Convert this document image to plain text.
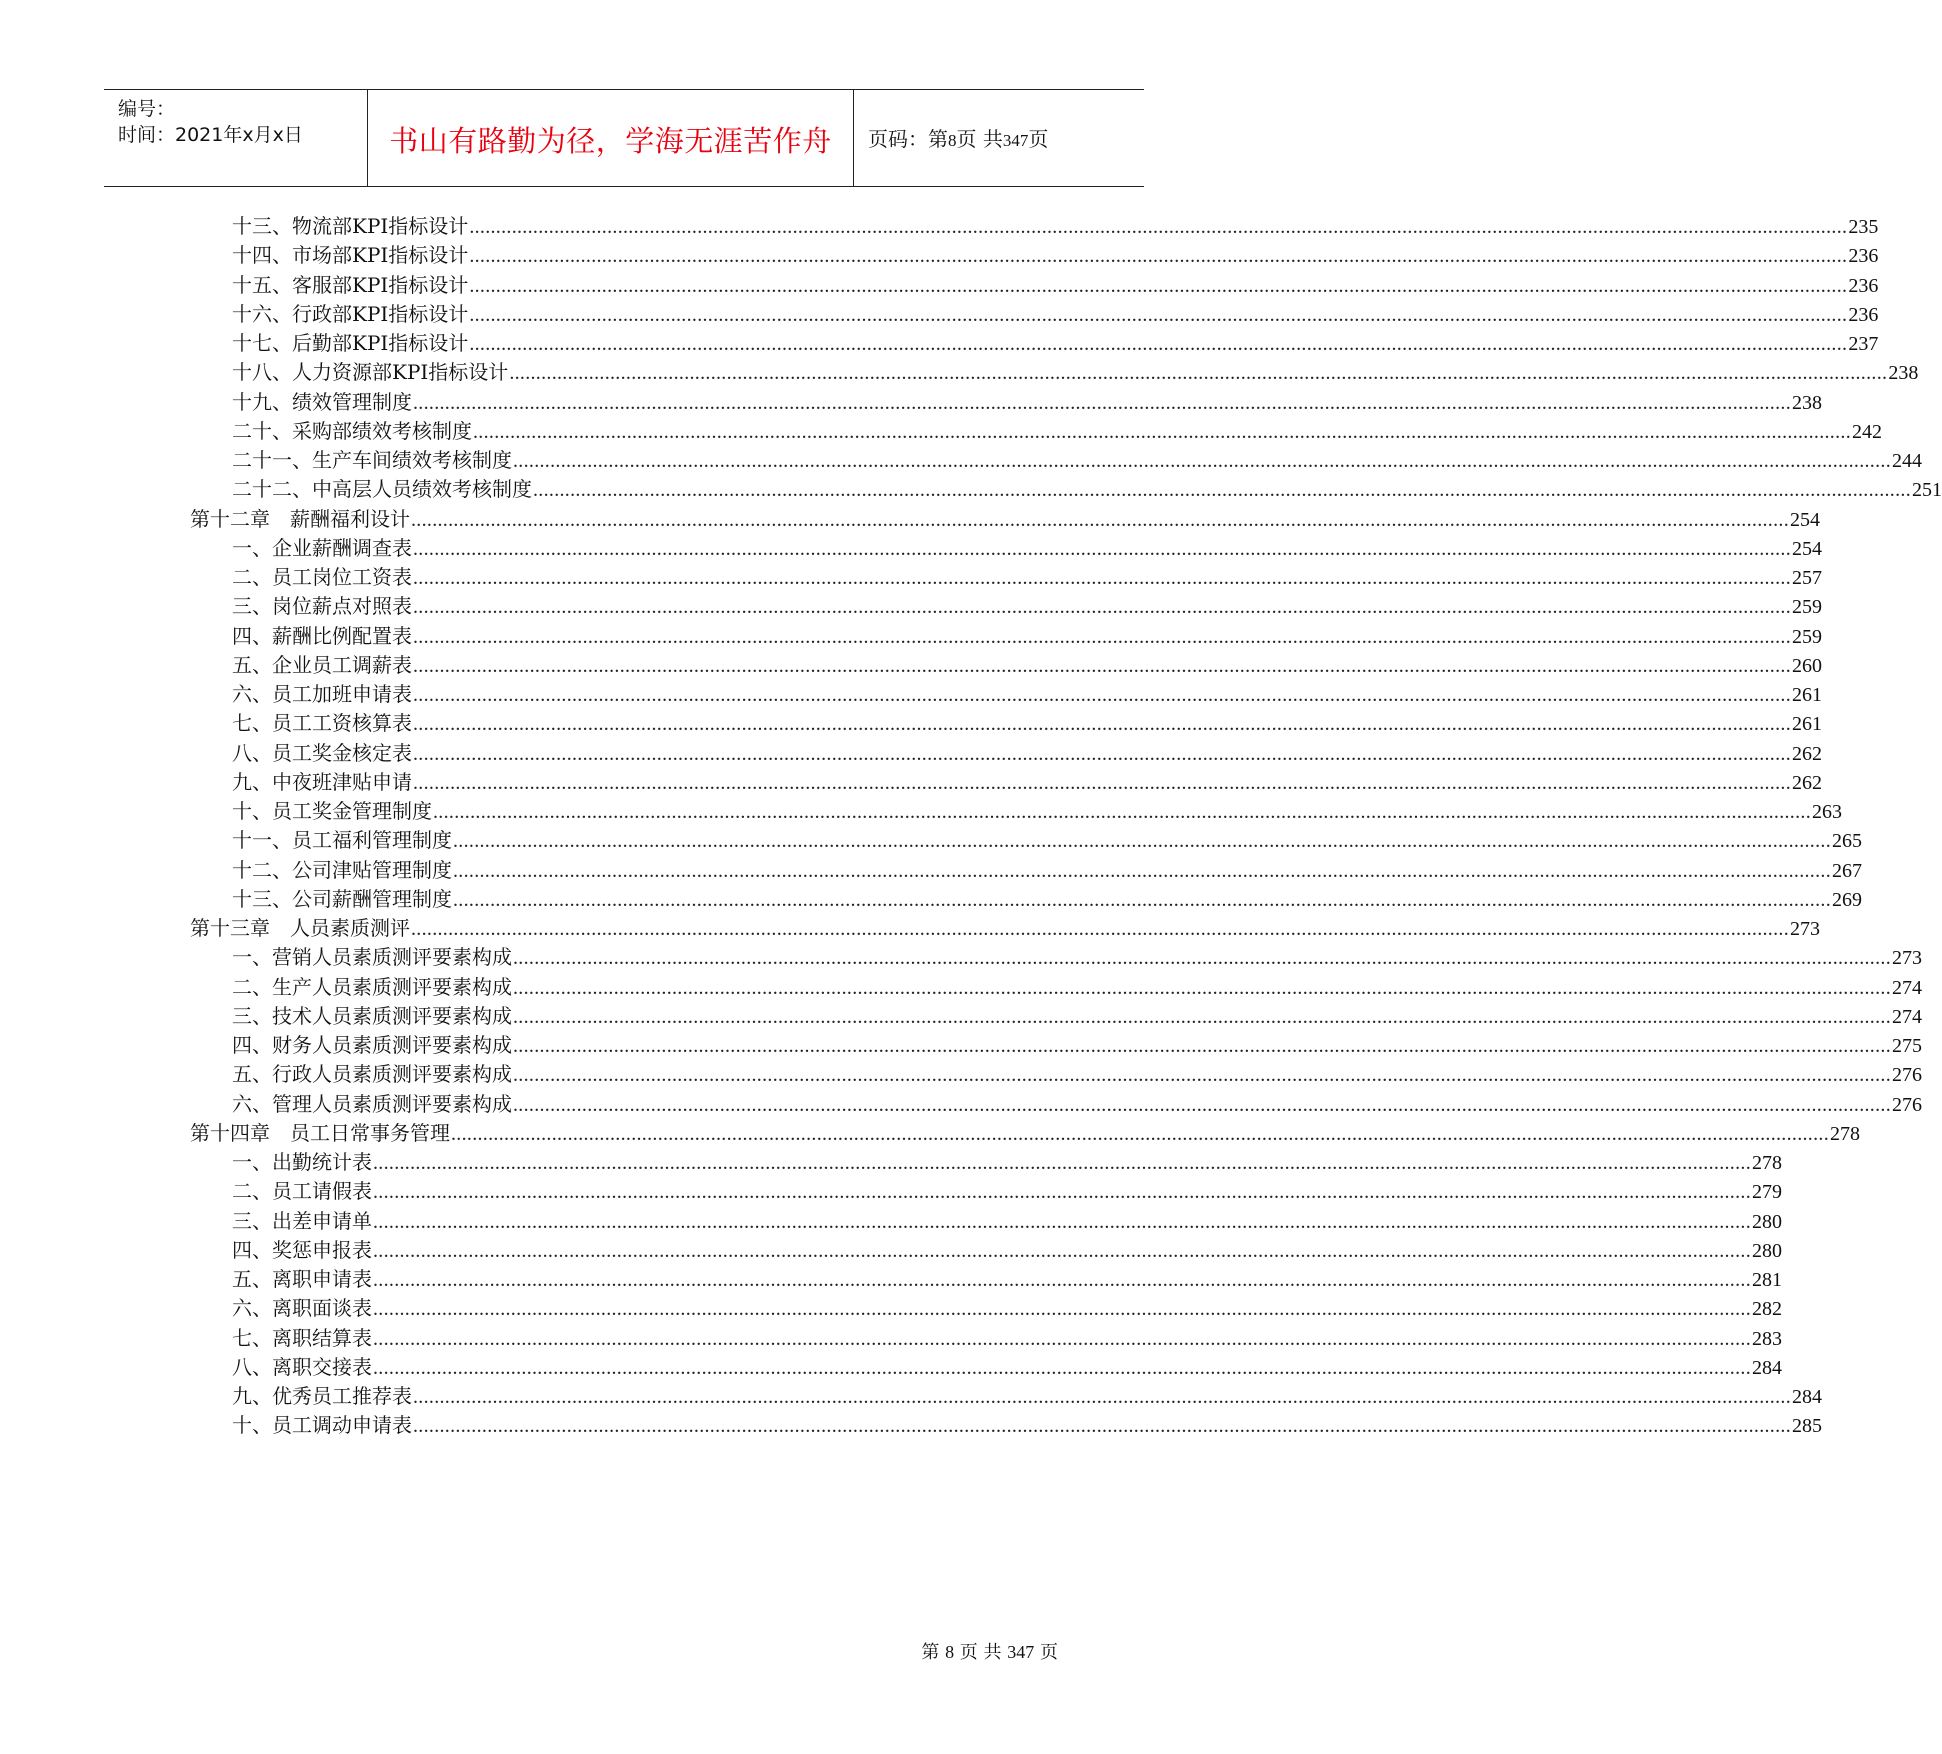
编号：
时间：2021年x月x日	书山有路勤为径，学海无涯苦作舟	页码：第8页 共347页
十三、物流部KPI指标设计 .................................................................................................................................................................................................................................................................... 235
十四、市场部KPI指标设计 .................................................................................................................................................................................................................................................................... 236
十五、客服部KPI指标设计 .................................................................................................................................................................................................................................................................... 236
十六、行政部KPI指标设计 .................................................................................................................................................................................................................................................................... 236
十七、后勤部KPI指标设计 .................................................................................................................................................................................................................................................................... 237
十八、人力资源部KPI指标设计 .................................................................................................................................................................................................................................................................... 238
十九、绩效管理制度 .................................................................................................................................................................................................................................................................... 238
二十、采购部绩效考核制度 .................................................................................................................................................................................................................................................................... 242
二十一、生产车间绩效考核制度 .................................................................................................................................................................................................................................................................... 244
二十二、中高层人员绩效考核制度 .................................................................................................................................................................................................................................................................... 251
第十二章　薪酬福利设计 .................................................................................................................................................................................................................................................................... 254
一、企业薪酬调查表 .................................................................................................................................................................................................................................................................... 254
二、员工岗位工资表 .................................................................................................................................................................................................................................................................... 257
三、岗位薪点对照表 .................................................................................................................................................................................................................................................................... 259
四、薪酬比例配置表 .................................................................................................................................................................................................................................................................... 259
五、企业员工调薪表 .................................................................................................................................................................................................................................................................... 260
六、员工加班申请表 .................................................................................................................................................................................................................................................................... 261
七、员工工资核算表 .................................................................................................................................................................................................................................................................... 261
八、员工奖金核定表 .................................................................................................................................................................................................................................................................... 262
九、中夜班津贴申请 .................................................................................................................................................................................................................................................................... 262
十、员工奖金管理制度 .................................................................................................................................................................................................................................................................... 263
十一、员工福利管理制度 .................................................................................................................................................................................................................................................................... 265
十二、公司津贴管理制度 .................................................................................................................................................................................................................................................................... 267
十三、公司薪酬管理制度 .................................................................................................................................................................................................................................................................... 269
第十三章　人员素质测评 .................................................................................................................................................................................................................................................................... 273
一、营销人员素质测评要素构成 .................................................................................................................................................................................................................................................................... 273
二、生产人员素质测评要素构成 .................................................................................................................................................................................................................................................................... 274
三、技术人员素质测评要素构成 .................................................................................................................................................................................................................................................................... 274
四、财务人员素质测评要素构成 .................................................................................................................................................................................................................................................................... 275
五、行政人员素质测评要素构成 .................................................................................................................................................................................................................................................................... 276
六、管理人员素质测评要素构成 .................................................................................................................................................................................................................................................................... 276
第十四章　员工日常事务管理 .................................................................................................................................................................................................................................................................... 278
一、出勤统计表 .................................................................................................................................................................................................................................................................... 278
二、员工请假表 .................................................................................................................................................................................................................................................................... 279
三、出差申请单 .................................................................................................................................................................................................................................................................... 280
四、奖惩申报表 .................................................................................................................................................................................................................................................................... 280
五、离职申请表 .................................................................................................................................................................................................................................................................... 281
六、离职面谈表 .................................................................................................................................................................................................................................................................... 282
七、离职结算表 .................................................................................................................................................................................................................................................................... 283
八、离职交接表 .................................................................................................................................................................................................................................................................... 284
九、优秀员工推荐表 .................................................................................................................................................................................................................................................................... 284
十、员工调动申请表 .................................................................................................................................................................................................................................................................... 285
第 8 页 共 347 页
